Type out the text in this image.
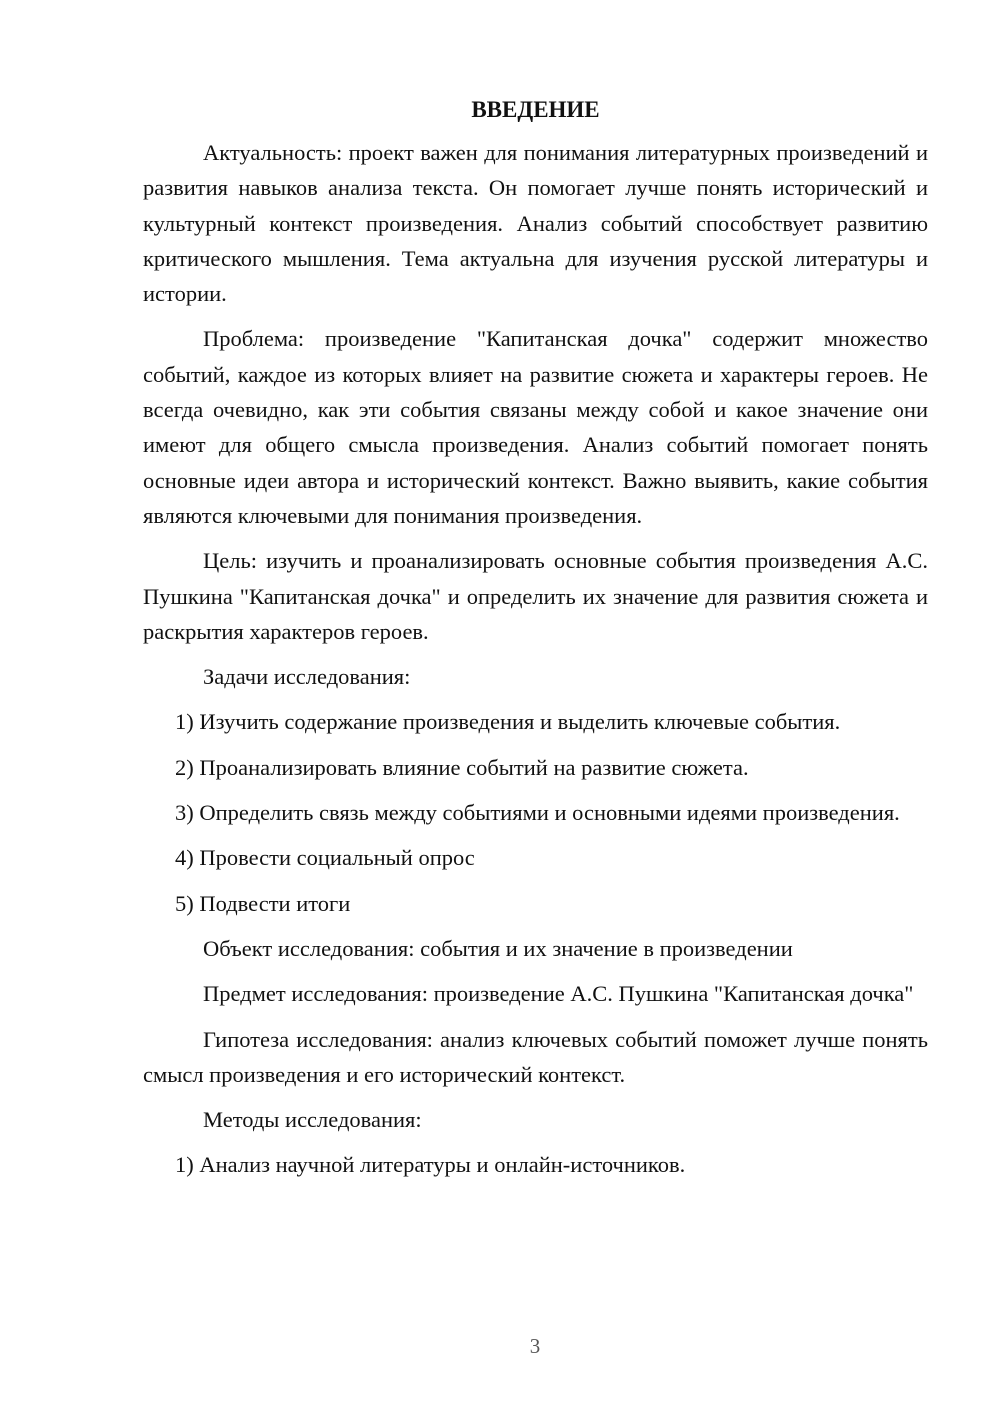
ВВЕДЕНИЕ

Актуальность: проект важен для понимания литературных произведений и развития навыков анализа текста. Он помогает лучше понять исторический и культурный контекст произведения. Анализ событий способствует развитию критического мышления. Тема актуальна для изучения русской литературы и истории.

Проблема: произведение "Капитанская дочка" содержит множество событий, каждое из которых влияет на развитие сюжета и характеры героев. Не всегда очевидно, как эти события связаны между собой и какое значение они имеют для общего смысла произведения. Анализ событий помогает понять основные идеи автора и исторический контекст. Важно выявить, какие события являются ключевыми для понимания произведения.

Цель: изучить и проанализировать основные события произведения А.С. Пушкина "Капитанская дочка" и определить их значение для развития сюжета и раскрытия характеров героев.

Задачи исследования:

1) Изучить содержание произведения и выделить ключевые события.

2) Проанализировать влияние событий на развитие сюжета.

3) Определить связь между событиями и основными идеями произведения.

4) Провести социальный опрос

5) Подвести итоги

Объект исследования: события и их значение в произведении

Предмет исследования: произведение А.С. Пушкина "Капитанская дочка"

Гипотеза исследования: анализ ключевых событий поможет лучше понять смысл произведения и его исторический контекст.

Методы исследования:

1) Анализ научной литературы и онлайн-источников.

3
